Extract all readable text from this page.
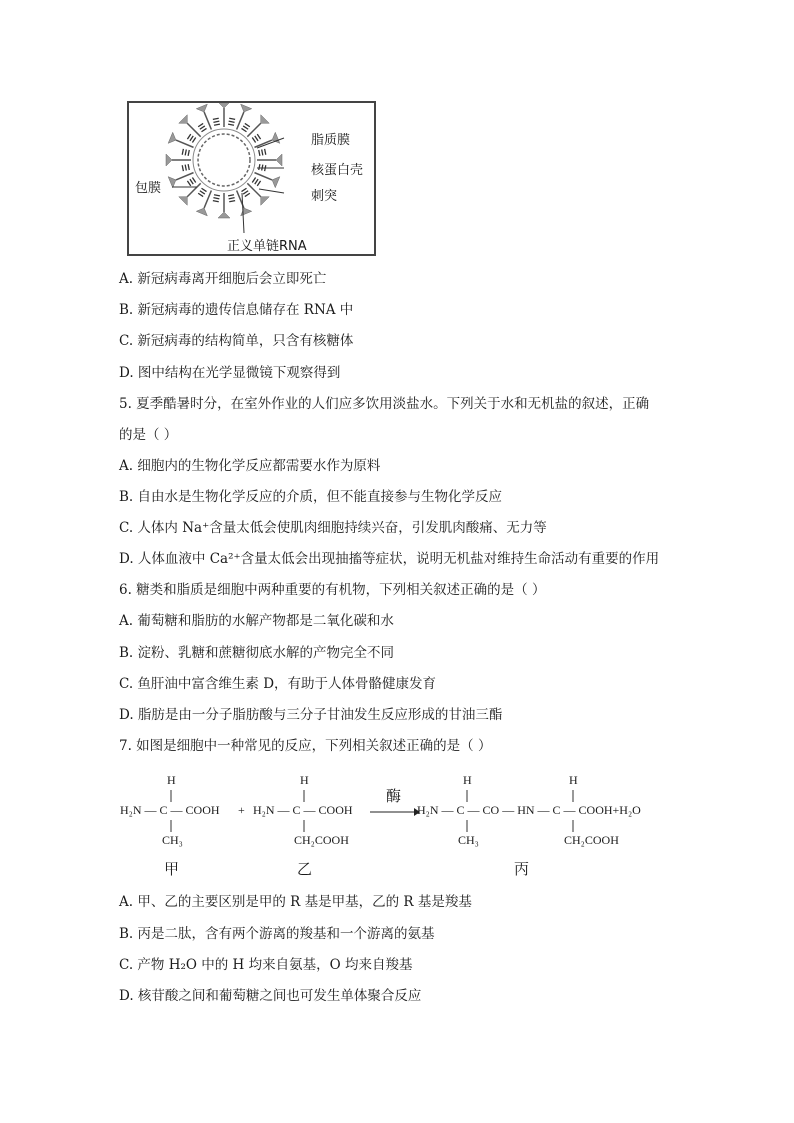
脂质膜
核蛋白壳
包膜
刺突
正义单链RNA
A. 新冠病毒离开细胞后会立即死亡
B. 新冠病毒的遗传信息储存在 RNA 中
C. 新冠病毒的结构简单，只含有核糖体
D. 图中结构在光学显微镜下观察得到
5. 夏季酷暑时分，在室外作业的人们应多饮用淡盐水。下列关于水和无机盐的叙述，正确
的是（ ）
A. 细胞内的生物化学反应都需要水作为原料
B. 自由水是生物化学反应的介质，但不能直接参与生物化学反应
C. 人体内 Na⁺含量太低会使肌肉细胞持续兴奋，引发肌肉酸痛、无力等
D. 人体血液中 Ca²⁺含量太低会出现抽搐等症状，说明无机盐对维持生命活动有重要的作用
6. 糖类和脂质是细胞中两种重要的有机物，下列相关叙述正确的是（ ）
A. 葡萄糖和脂肪的水解产物都是二氧化碳和水
B. 淀粉、乳糖和蔗糖彻底水解的产物完全不同
C. 鱼肝油中富含维生素 D，有助于人体骨骼健康发育
D. 脂肪是由一分子脂肪酸与三分子甘油发生反应形成的甘油三酯
7. 如图是细胞中一种常见的反应，下列相关叙述正确的是（ ）
H
H₂N — C — COOH +
CH₃
H
H₂N — C — COOH
CH₂COOH
酶
H	H
H₂N — C — CO — HN — C — COOH+H₂O
CH₃	CH₂COOH
甲	乙	丙
A. 甲、乙的主要区别是甲的 R 基是甲基，乙的 R 基是羧基
B. 丙是二肽，含有两个游离的羧基和一个游离的氨基
C. 产物 H₂O 中的 H 均来自氨基，O 均来自羧基
D. 核苷酸之间和葡萄糖之间也可发生单体聚合反应
